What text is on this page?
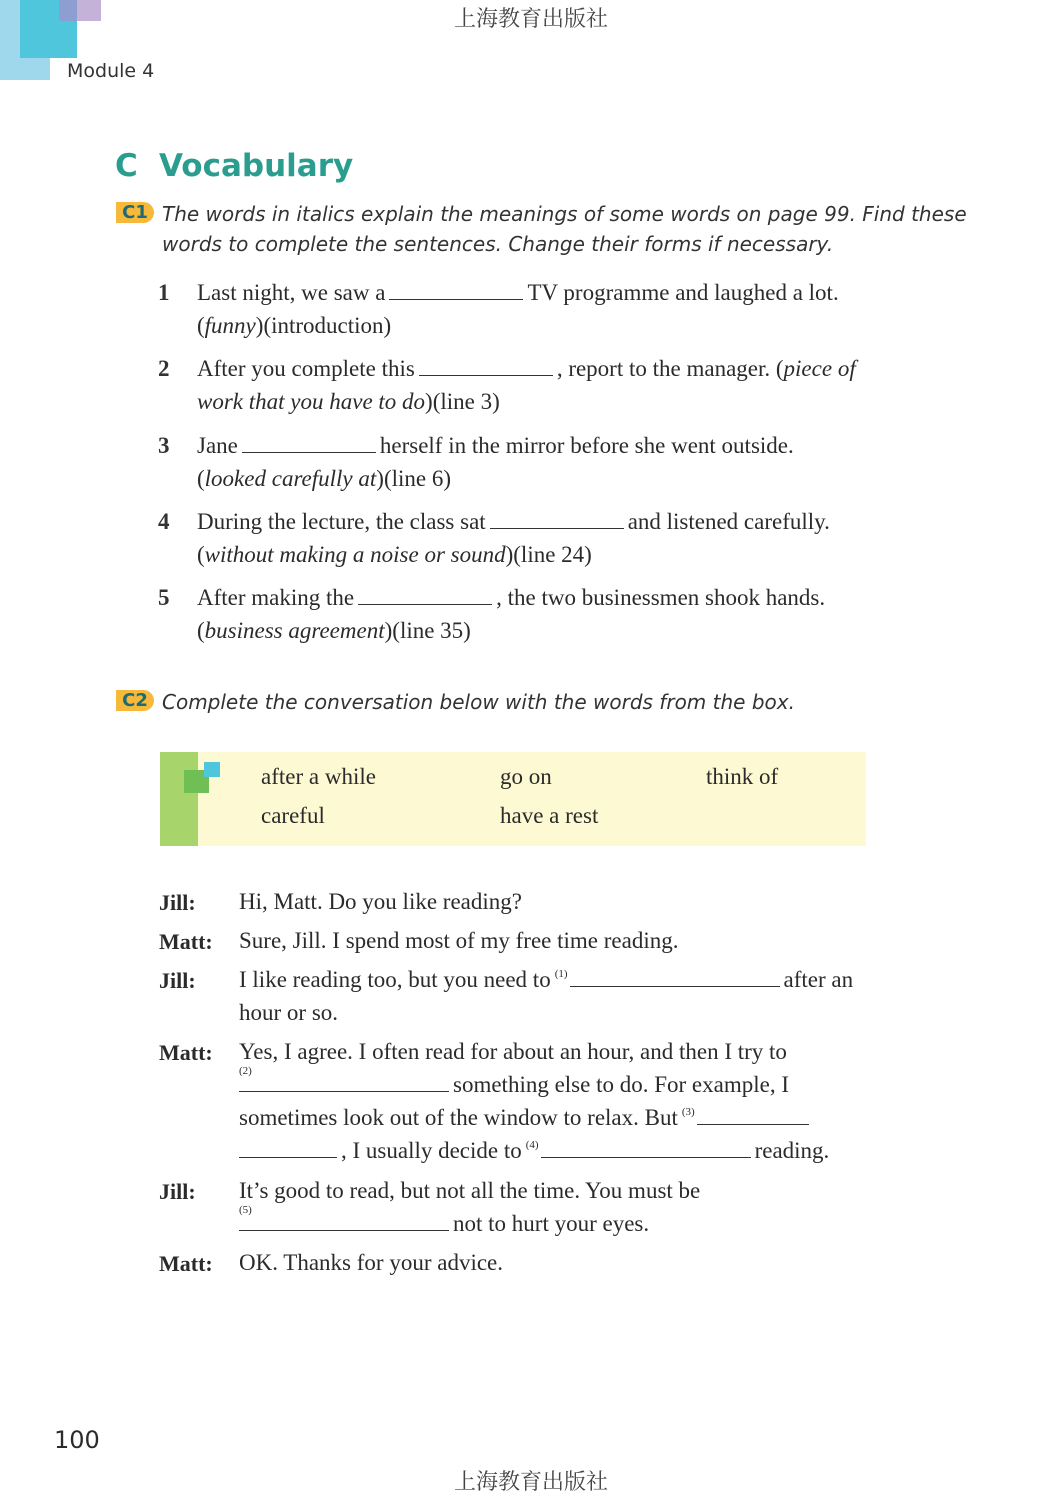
上海教育出版社
Module 4
C Vocabulary
C1 The words in italics explain the meanings of some words on page 99. Find these
words to complete the sentences. Change their forms if necessary.
1 Last night, we saw a	TV programme and laughed a lot.
(funny)(introduction)
2 After you complete this	, report to the manager. (piece of
work that you have to do)(line 3)
3 Jane	herself in the mirror before she went outside.
(looked carefully at)(line 6)
4 During the lecture, the class sat	and listened carefully.
(without making a noise or sound)(line 24)
5 After making the	, the two businessmen shook hands.
(business agreement)(line 35)
C2 Complete the conversation below with the words from the box.
after a while	go on	think of
careful	have a rest
Jill: Hi, Matt. Do you like reading?
Matt: Sure, Jill. I spend most of my free time reading.
Jill: I like reading too, but you need to $^{(1)}$	after an
hour or so.
Matt: Yes, I agree. I often read for about an hour, and then I try to
(2)
something else to do. For example, I
sometimes look out of the window to relax. But $^{(3)}$
, I usually decide to $^{(4)}$	reading.
Jill: It’s good to read, but not all the time. You must be
(5)
not to hurt your eyes.
Matt: OK. Thanks for your advice.
100
上海教育出版社
